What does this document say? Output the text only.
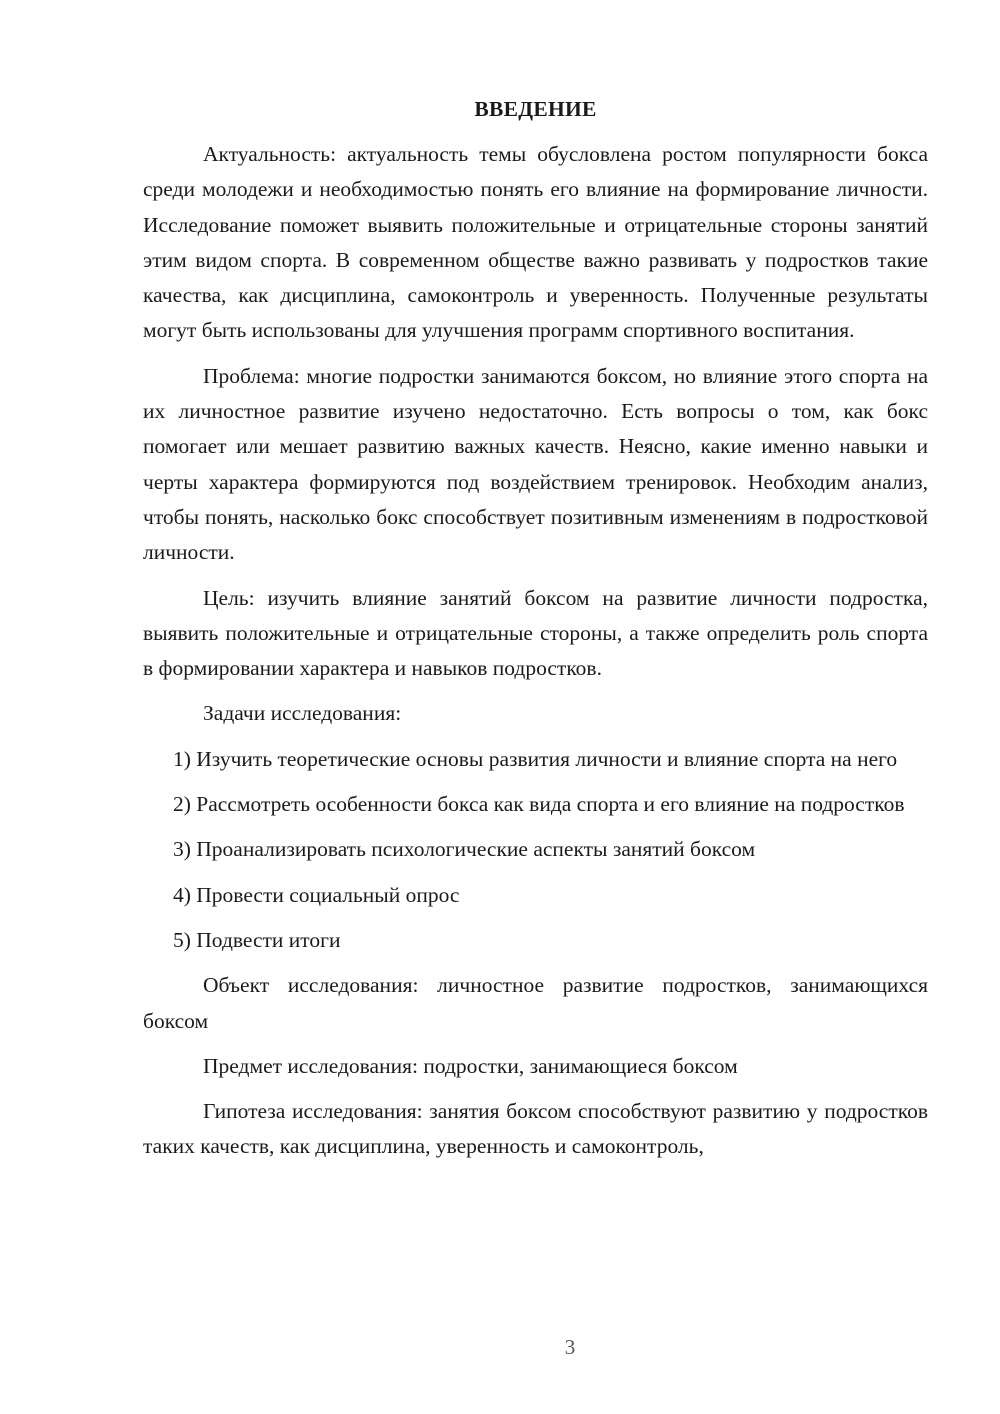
ВВЕДЕНИЕ

Актуальность: актуальность темы обусловлена ростом популярности бокса среди молодежи и необходимостью понять его влияние на формирование личности. Исследование поможет выявить положительные и отрицательные стороны занятий этим видом спорта. В современном обществе важно развивать у подростков такие качества, как дисциплина, самоконтроль и уверенность. Полученные результаты могут быть использованы для улучшения программ спортивного воспитания.

Проблема: многие подростки занимаются боксом, но влияние этого спорта на их личностное развитие изучено недостаточно. Есть вопросы о том, как бокс помогает или мешает развитию важных качеств. Неясно, какие именно навыки и черты характера формируются под воздействием тренировок. Необходим анализ, чтобы понять, насколько бокс способствует позитивным изменениям в подростковой личности.

Цель: изучить влияние занятий боксом на развитие личности подростка, выявить положительные и отрицательные стороны, а также определить роль спорта в формировании характера и навыков подростков.

Задачи исследования:

1) Изучить теоретические основы развития личности и влияние спорта на него

2) Рассмотреть особенности бокса как вида спорта и его влияние на подростков

3) Проанализировать психологические аспекты занятий боксом

4) Провести социальный опрос

5) Подвести итоги

Объект исследования: личностное развитие подростков, занимающихся боксом

Предмет исследования: подростки, занимающиеся боксом

Гипотеза исследования: занятия боксом способствуют развитию у подростков таких качеств, как дисциплина, уверенность и самоконтроль,

3
